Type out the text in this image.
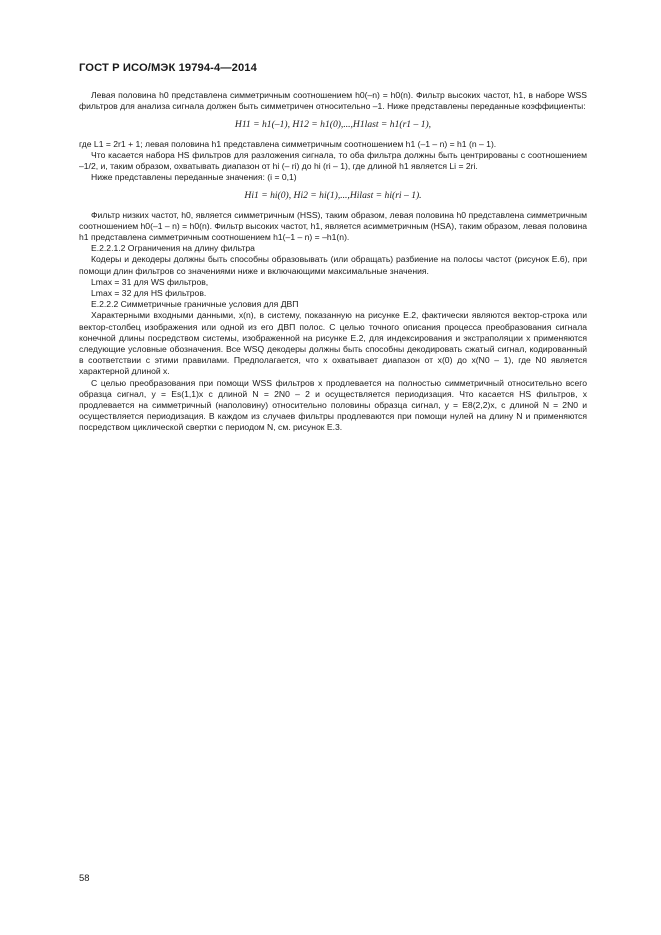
ГОСТ Р ИСО/МЭК 19794-4—2014

Левая половина h0 представлена симметричным соотношением h0(–n) = h0(n). Фильтр высоких частот, h1, в наборе WSS фильтров для анализа сигнала должен быть симметричен относительно –1. Ниже представлены переданные коэффициенты:

H11 = h1(–1), H12 = h1(0),...,H1last = h1(r1 – 1),

где L1 = 2r1 + 1; левая половина h1 представлена симметричным соотношением h1 (–1 – n) = h1 (n – 1).

Что касается набора HS фильтров для разложения сигнала, то оба фильтра должны быть центрированы с соотношением –1/2, и, таким образом, охватывать диапазон от hi (– ri) до hi (ri – 1), где длиной h1 является Li = 2ri.

Ниже представлены переданные значения: (i = 0,1)

Hi1 = hi(0), Hi2 = hi(1),...,Hilast = hi(ri – 1).

Фильтр низких частот, h0, является симметричным (HSS), таким образом, левая половина h0 представлена симметричным соотношением h0(–1 – n) = h0(n). Фильтр высоких частот, h1, является асимметричным (HSA), таким образом, левая половина h1 представлена симметричным соотношением h1(–1 – n) = –h1(n).

E.2.2.1.2 Ограничения на длину фильтра

Кодеры и декодеры должны быть способны образовывать (или обращать) разбиение на полосы частот (рисунок E.6), при помощи длин фильтров со значениями ниже и включающими максимальные значения.

Lmax = 31 для WS фильтров,

Lmax = 32 для HS фильтров.

E.2.2.2 Симметричные граничные условия для ДВП

Характерными входными данными, x(n), в систему, показанную на рисунке E.2, фактически являются вектор-строка или вектор-столбец изображения или одной из его ДВП полос. С целью точного описания процесса преобразования сигнала конечной длины посредством системы, изображенной на рисунке E.2, для индексирования и экстраполяции x применяются следующие условные обозначения. Все WSQ декодеры должны быть способны декодировать сжатый сигнал, кодированный в соответствии с этими правилами. Предполагается, что x охватывает диапазон от x(0) до x(N0 – 1), где N0 является характерной длиной x.

С целью преобразования при помощи WSS фильтров x продлевается на полностью симметричный относительно всего образца сигнал, y = Es(1,1)x с длиной N = 2N0 – 2 и осуществляется периодизация. Что касается HS фильтров, x продлевается на симметричный (наполовину) относительно половины образца сигнал, y = E8(2,2)x, с длиной N = 2N0 и осуществляется периодизация. В каждом из случаев фильтры продлеваются при помощи нулей на длину N и применяются посредством циклической свертки с периодом N, см. рисунок E.3.

58
